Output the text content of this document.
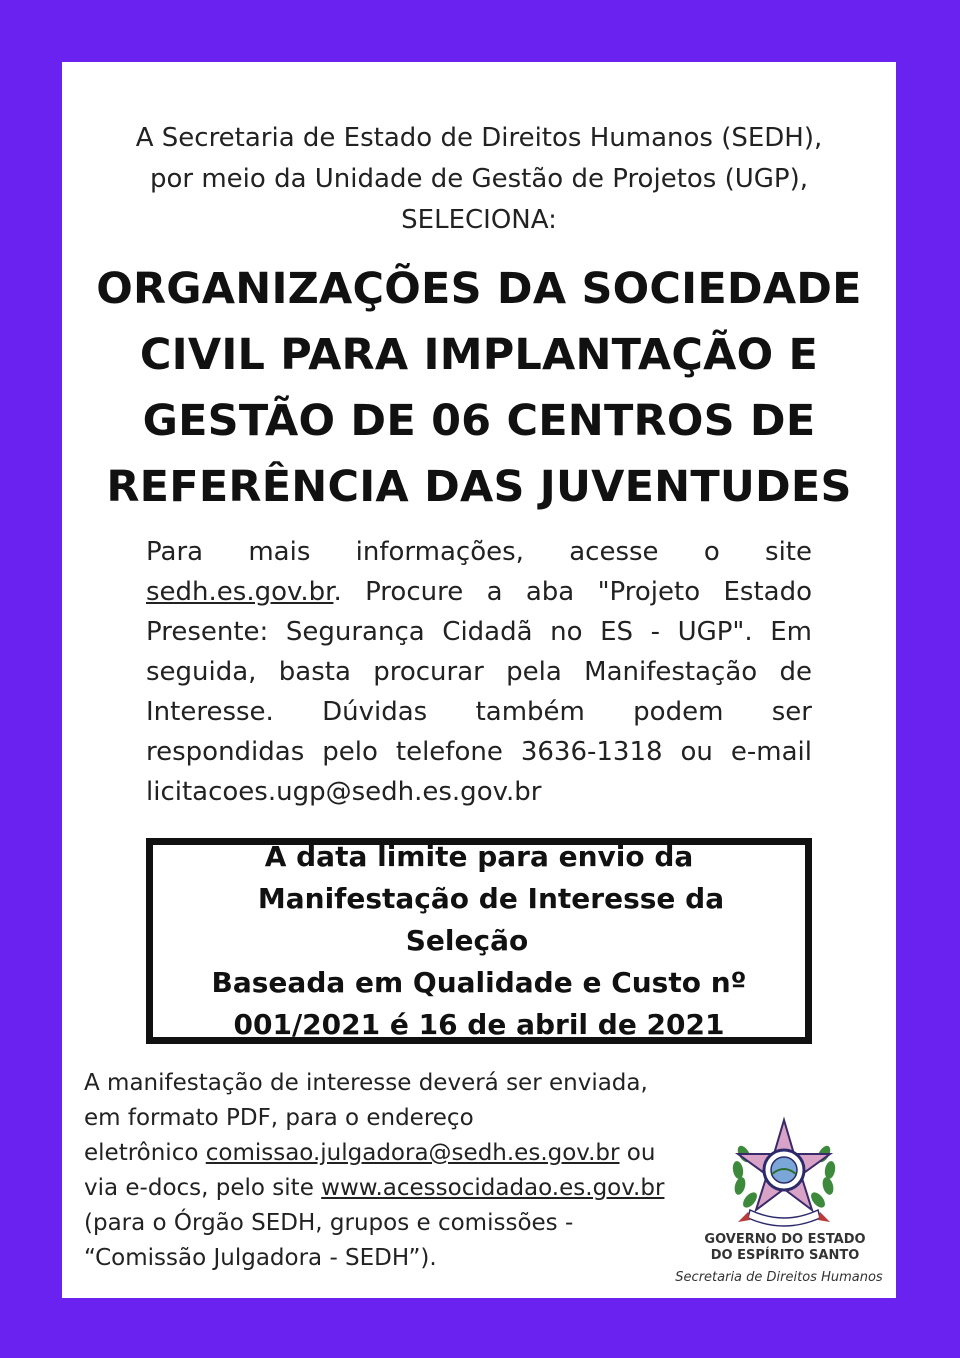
A Secretaria de Estado de Direitos Humanos (SEDH),
por meio da Unidade de Gestão de Projetos (UGP),
SELECIONA:
ORGANIZAÇÕES DA SOCIEDADE
CIVIL PARA IMPLANTAÇÃO E
GESTÃO DE 06 CENTROS DE
REFERÊNCIA DAS JUVENTUDES
Para mais informações, acesse o site sedh.es.gov.br. Procure a aba "Projeto Estado Presente: Segurança Cidadã no ES - UGP". Em seguida, basta procurar pela Manifestação de Interesse. Dúvidas também podem ser respondidas pelo telefone 3636-1318 ou e-mail licitacoes.ugp@sedh.es.gov.br
A data limite para envio da
Manifestação de Interesse da Seleção
Baseada em Qualidade e Custo nº
001/2021 é 16 de abril de 2021
A manifestação de interesse deverá ser enviada,
em formato PDF, para o endereço
eletrônico comissao.julgadora@sedh.es.gov.br ou
via e-docs, pelo site www.acessocidadao.es.gov.br
(para o Órgão SEDH, grupos e comissões -
“Comissão Julgadora - SEDH”).
GOVERNO DO ESTADO
DO ESPÍRITO SANTO
Secretaria de Direitos Humanos
